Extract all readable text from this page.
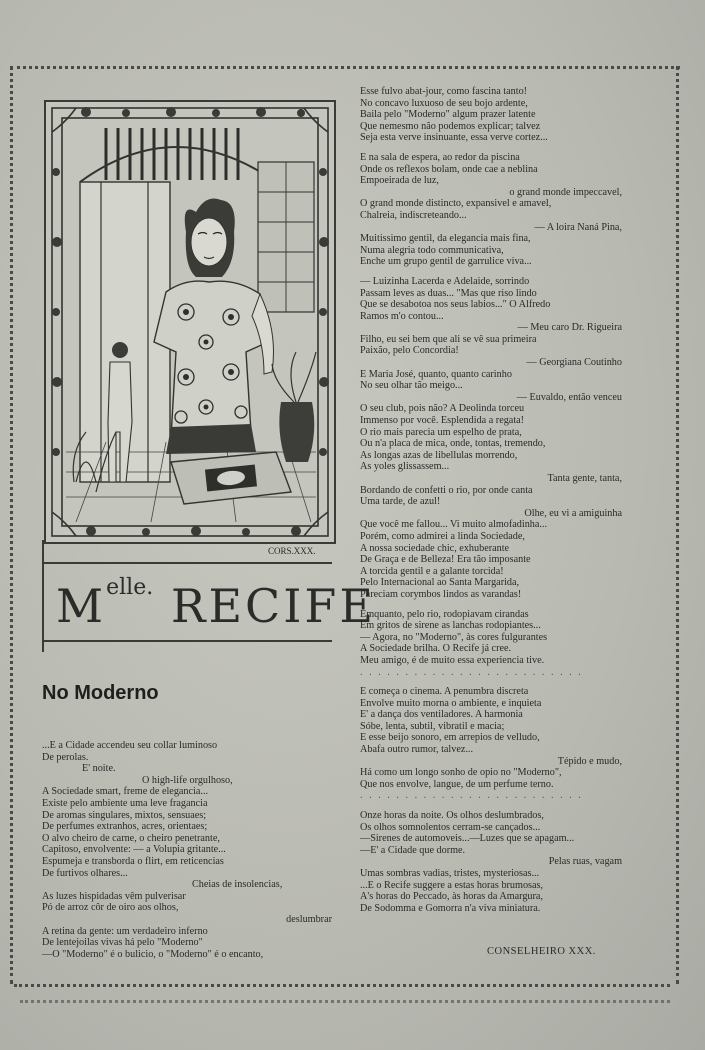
CORS.XXX.
$M^{elle.}$ RECIFE
No Moderno
...E a Cidade accendeu seu collar luminoso
De perolas.
E' noite.
O high-life orgulhoso,
A Sociedade smart, freme de elegancia...
Existe pelo ambiente uma leve fragancia
De aromas singulares, mixtos, sensuaes;
De perfumes extranhos, acres, orientaes;
O alvo cheiro de carne, o cheiro penetrante,
Capitoso, envolvente: — a Volupia gritante...
Espumeja e transborda o flirt, em reticencias
De furtivos olhares...
Cheias de insolencias,
As luzes hispidadas vêm pulverisar
Pó de arroz côr de oiro aos olhos,
deslumbrar
A retina da gente: um verdadeiro inferno
De lentejoilas vivas há pelo "Moderno"
—O "Moderno" é o bulicio, o "Moderno" é o encanto,
Esse fulvo abat-jour, como fascina tanto!
No concavo luxuoso de seu bojo ardente,
Baila pelo "Moderno" algum prazer latente
Que nemesmo não podemos explicar; talvez
Seja esta verve insinuante, essa verve cortez...
E na sala de espera, ao redor da piscina
Onde os reflexos bolam, onde cae a neblina
Empoeirada de luz,
o grand monde impeccavel,
O grand monde distincto, expansivel e amavel,
Chalreia, indiscreteando...
— A loira Naná Pina,
Muitissimo gentil, da elegancia mais fina,
Numa alegria todo communicativa,
Enche um grupo gentil de garrulice viva...
— Luizinha Lacerda e Adelaide, sorrindo
Passam leves as duas... "Mas que riso lindo
Que se desabotoa nos seus labios..." O Alfredo
Ramos m'o contou...
— Meu caro Dr. Rigueira
Filho, eu sei bem que ali se vê sua primeira
Paixão, pelo Concordia!
— Georgiana Coutinho
E Maria José, quanto, quanto carinho
No seu olhar tão meigo...
— Euvaldo, então venceu
O seu club, pois não? A Deolinda torceu
Immenso por você. Esplendida a regata!
O rio mais parecia um espelho de prata,
Ou n'a placa de mica, onde, tontas, tremendo,
As longas azas de libellulas morrendo,
As yoles glissassem...
Tanta gente, tanta,
Bordando de confetti o rio, por onde canta
Uma tarde, de azul!
Olhe, eu vi a amiguinha
Que você me fallou... Vi muito almofadinha...
Porém, como admirei a linda Sociedade,
A nossa sociedade chic, exhuberante
De Graça e de Belleza! Era tão imposante
A torcida gentil e a galante torcida!
Pelo Internacional ao Santa Margarida,
Pareciam corymbos lindos as varandas!
Emquanto, pelo rio, rodopiavam cirandas
Em gritos de sirene as lanchas rodopiantes...
— Agora, no "Moderno", às cores fulgurantes
A Sociedade brilha. O Recife já cree.
Meu amigo, é de muito essa experiencia tive.
. . . . . . . . . . . . . . . . . . . . . . . . .
E começa o cinema. A penumbra discreta
Envolve muito morna o ambiente, e inquieta
E' a dança dos ventiladores. A harmonia
Sóbe, lenta, subtil, vibratil e macia;
E esse beijo sonoro, em arrepios de velludo,
Abafa outro rumor, talvez...
Tépido e mudo,
Há como um longo sonho de opio no "Moderno",
Que nos envolve, langue, de um perfume terno.
. . . . . . . . . . . . . . . . . . . . . . . . .
Onze horas da noite. Os olhos deslumbrados,
Os olhos somnolentos cerram-se cançados...
—Sirenes de automoveis...—Luzes que se apagam...
—E' a Cidade que dorme.
Pelas ruas, vagam
Umas sombras vadias, tristes, mysteriosas...
...E o Recife suggere a estas horas brumosas,
A's horas do Peccado, às horas da Amargura,
De Sodomma e Gomorra n'a viva miniatura.
CONSELHEIRO XXX.
